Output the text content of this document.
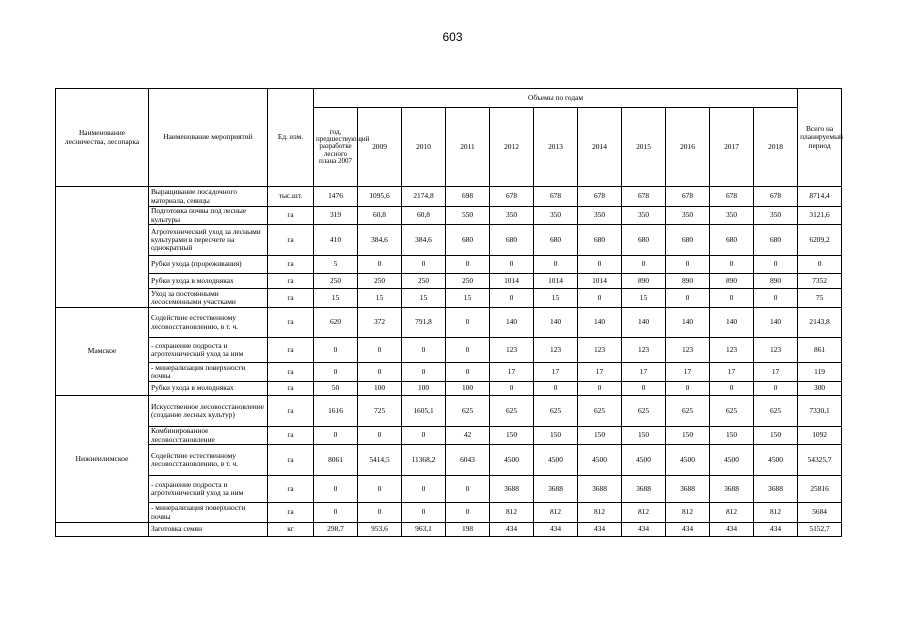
603
Наименование лесничества, лесопарка	Наименование мероприятий	Ед. изм.	Объемы по годам											Всего на планируемый период
			год, предшествующий разработке лесного плана 2007	2009	2010	2011	2012	2013	2014	2015	2016	2017	2018	
	Выращивание посадочного материала, сеянцы	тыс.шт.	1476	1095,6	2174,8	698	678	678	678	678	678	678	678	8714,4
	Подготовка почвы под лесные культуры	га	319	60,8	60,8	550	350	350	350	350	350	350	350	3121,6
	Агротехнический уход за лесными культурами в пересчете на однократный	га	410	384,6	384,6	680	680	680	680	680	680	680	680	6209,2
	Рубки ухода (прореживания)	га	5	0	0	0	0	0	0	0	0	0	0	0
	Рубки ухода в молодняках	га	250	250	250	250	1014	1014	1014	890	890	890	890	7352
	Уход за постоянными лесосеменными участками	га	15	15	15	15	0	15	0	15	0	0	0	75
Мамское	Содействие естественному лесовосстановлению, в т. ч.	га	620	372	791,8	0	140	140	140	140	140	140	140	2143,8
	- сохранение подроста и агротехнический уход за ним	га	0	0	0	0	123	123	123	123	123	123	123	861
	- минерализация поверхности почвы	га	0	0	0	0	17	17	17	17	17	17	17	119
	Рубки ухода в молодняках	га	50	100	100	100	0	0	0	0	0	0	0	300
Нижнеилимское	Искусственное лесовосстановление (создание лесных культур)	га	1616	725	1605,1	625	625	625	625	625	625	625	625	7330,1
	Комбинированное лесовосстановление	га	0	0	0	42	150	150	150	150	150	150	150	1092
	Содействие естественному лесовосстановлению, в т. ч.	га	8061	5414,5	11368,2	6043	4500	4500	4500	4500	4500	4500	4500	54325,7
	- сохранение подроста и агротехнический уход за ним	га	0	0	0	0	3688	3688	3688	3688	3688	3688	3688	25816
	- минерализация поверхности почвы	га	0	0	0	0	812	812	812	812	812	812	812	5684
	Заготовка семян	кг	298,7	953,6	963,1	198	434	434	434	434	434	434	434	5152,7
